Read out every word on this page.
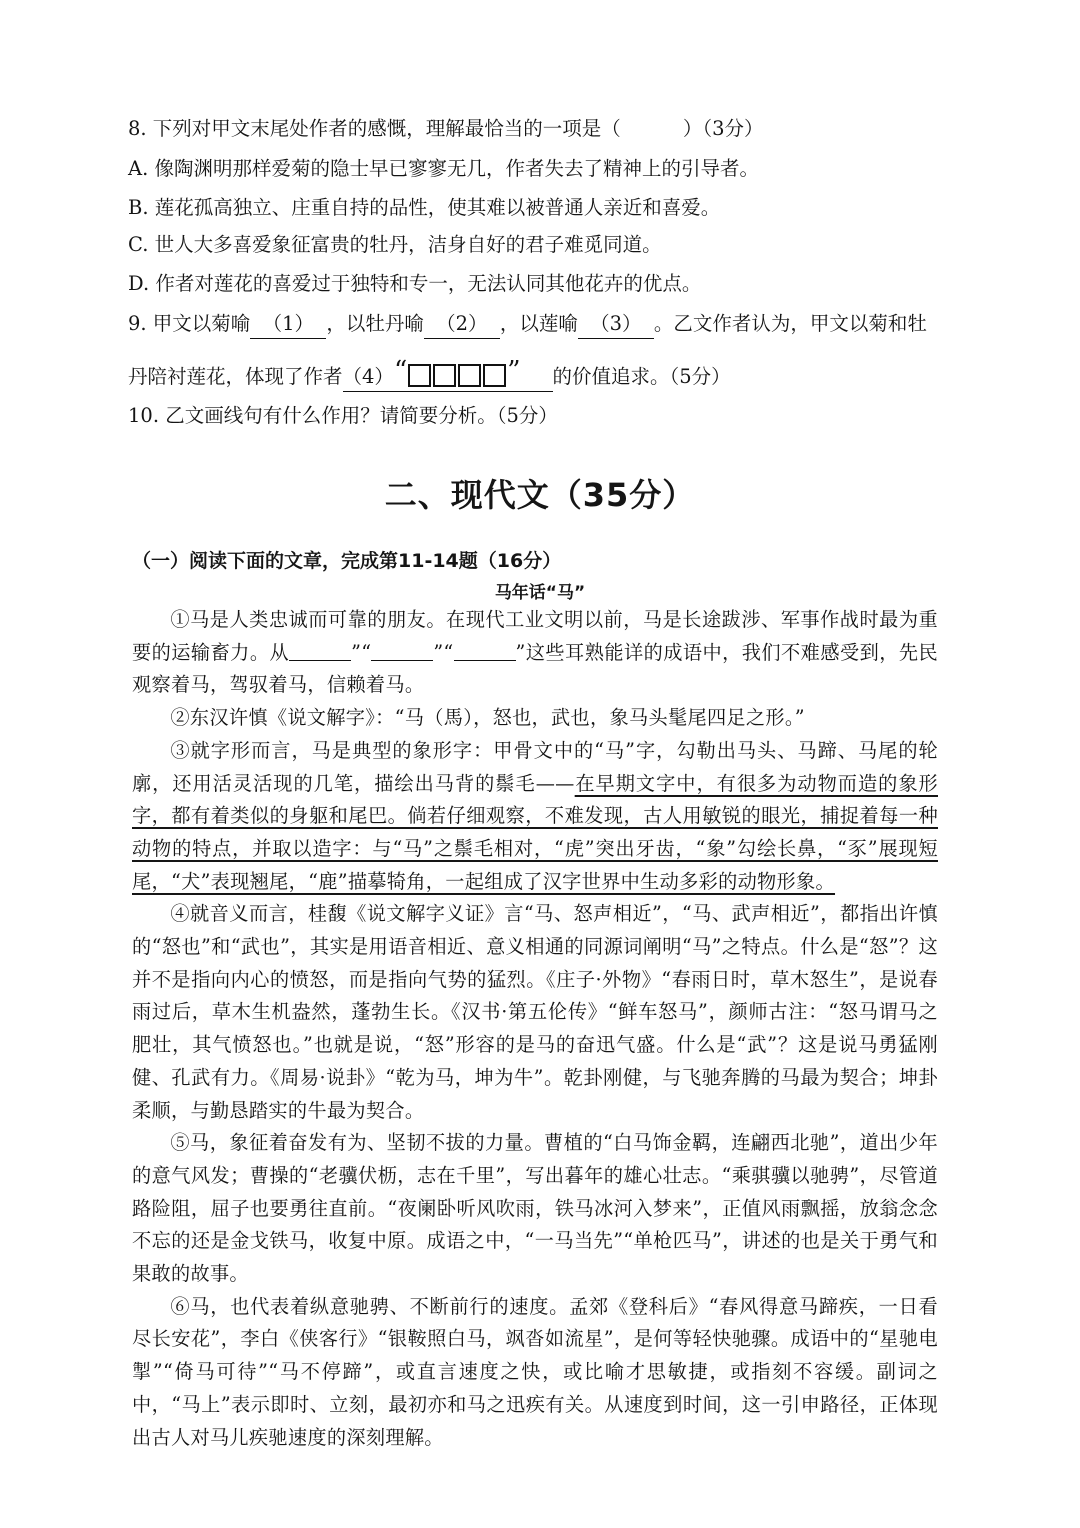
8. 下列对甲文末尾处作者的感慨，理解最恰当的一项是（	）（3分）
A. 像陶渊明那样爱菊的隐士早已寥寥无几，作者失去了精神上的引导者。
B. 莲花孤高独立、庄重自持的品性，使其难以被普通人亲近和喜爱。
C. 世人大多喜爱象征富贵的牡丹，洁身自好的君子难觅同道。
D. 作者对莲花的喜爱过于独特和专一，无法认同其他花卉的优点。
9. 甲文以菊喻 （1） ，以牡丹喻 （2） ，以莲喻 （3） 。乙文作者认为，甲文以菊和牡
丹陪衬莲花，体现了作者（4）“	” 的价值追求。（5分）
10. 乙文画线句有什么作用？请简要分析。（5分）
二、现代文（35分）
（一）阅读下面的文章，完成第11-14题（16分）
马年话“马”

①马是人类忠诚而可靠的朋友。在现代工业文明以前，马是长途跋涉、军事作战时最为重要的运输畜力。从	”“	”“	”这些耳熟能详的成语中，我们不难感受到，先民观察着马，驾驭着马，信赖着马。

②东汉许慎《说文解字》：“马（馬），怒也，武也，象马头髦尾四足之形。”

③就字形而言，马是典型的象形字：甲骨文中的“马”字，勾勒出马头、马蹄、马尾的轮廓，还用活灵活现的几笔，描绘出马背的鬃毛——在早期文字中，有很多为动物而造的象形字，都有着类似的身躯和尾巴。倘若仔细观察，不难发现，古人用敏锐的眼光，捕捉着每一种动物的特点，并取以造字：与“马”之鬃毛相对，“虎”突出牙齿，“象”勾绘长鼻，“豕”展现短尾，“犬”表现翘尾，“鹿”描摹犄角，一起组成了汉字世界中生动多彩的动物形象。

④就音义而言，桂馥《说文解字义证》言“马、怒声相近”，“马、武声相近”，都指出许慎的“怒也”和“武也”，其实是用语音相近、意义相通的同源词阐明“马”之特点。什么是“怒”？这并不是指向内心的愤怒，而是指向气势的猛烈。《庄子·外物》“春雨日时，草木怒生”，是说春雨过后，草木生机盎然，蓬勃生长。《汉书·第五伦传》“鲜车怒马”，颜师古注：“怒马谓马之肥壮，其气愤怒也。”也就是说，“怒”形容的是马的奋迅气盛。什么是“武”？这是说马勇猛刚健、孔武有力。《周易·说卦》“乾为马，坤为牛”。乾卦刚健，与飞驰奔腾的马最为契合；坤卦柔顺，与勤恳踏实的牛最为契合。

⑤马，象征着奋发有为、坚韧不拔的力量。曹植的“白马饰金羁，连翩西北驰”，道出少年的意气风发；曹操的“老骥伏枥，志在千里”，写出暮年的雄心壮志。“乘骐骥以驰骋”，尽管道路险阻，屈子也要勇往直前。“夜阑卧听风吹雨，铁马冰河入梦来”，正值风雨飘摇，放翁念念不忘的还是金戈铁马，收复中原。成语之中，“一马当先”“单枪匹马”，讲述的也是关于勇气和果敢的故事。

⑥马，也代表着纵意驰骋、不断前行的速度。孟郊《登科后》“春风得意马蹄疾，一日看尽长安花”，李白《侠客行》“银鞍照白马，飒沓如流星”，是何等轻快驰骤。成语中的“星驰电掣”“倚马可待”“马不停蹄”，或直言速度之快，或比喻才思敏捷，或指刻不容缓。副词之中，“马上”表示即时、立刻，最初亦和马之迅疾有关。从速度到时间，这一引申路径，正体现出古人对马儿疾驰速度的深刻理解。
